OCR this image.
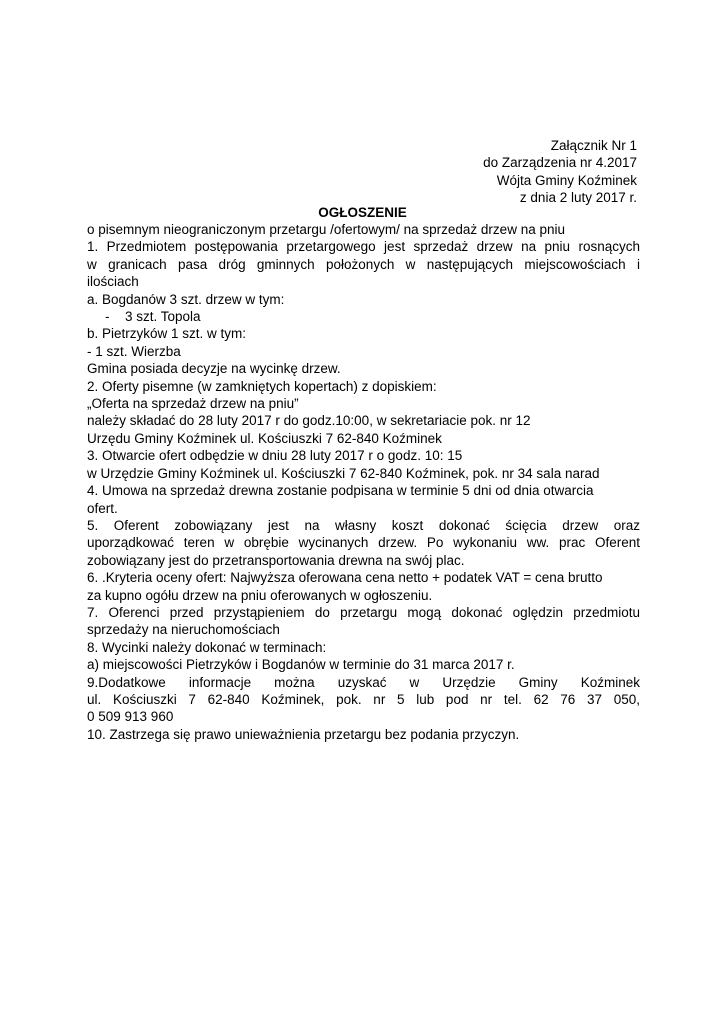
Załącznik Nr 1
do Zarządzenia nr 4.2017
Wójta Gminy Koźminek
z dnia 2 luty 2017 r.
OGŁOSZENIE
o pisemnym nieograniczonym przetargu /ofertowym/ na sprzedaż drzew na pniu
1. Przedmiotem postępowania przetargowego jest sprzedaż drzew na pniu rosnących
w granicach pasa dróg gminnych położonych w następujących miejscowościach i
ilościach
a. Bogdanów 3 szt. drzew w tym:
- 3 szt. Topola
b. Pietrzyków 1 szt. w tym:
- 1 szt. Wierzba
Gmina posiada decyzje na wycinkę drzew.
2. Oferty pisemne (w zamkniętych kopertach) z dopiskiem:
„Oferta na sprzedaż drzew na pniu”
należy składać do 28 luty 2017 r do godz.10:00, w sekretariacie pok. nr 12
Urzędu Gminy Koźminek ul. Kościuszki 7 62-840 Koźminek
3. Otwarcie ofert odbędzie w dniu 28 luty 2017 r o godz. 10: 15
w Urzędzie Gminy Koźminek ul. Kościuszki 7 62-840 Koźminek, pok. nr 34 sala narad
4. Umowa na sprzedaż drewna zostanie podpisana w terminie 5 dni od dnia otwarcia
ofert.
5. Oferent zobowiązany jest na własny koszt dokonać ścięcia drzew oraz
uporządkować teren w obrębie wycinanych drzew. Po wykonaniu ww. prac Oferent
zobowiązany jest do przetransportowania drewna na swój plac.
6. .Kryteria oceny ofert: Najwyższa oferowana cena netto + podatek VAT = cena brutto
za kupno ogółu drzew na pniu oferowanych w ogłoszeniu.
7. Oferenci przed przystąpieniem do przetargu mogą dokonać oględzin przedmiotu
sprzedaży na nieruchomościach
8. Wycinki należy dokonać w terminach:
a) miejscowości Pietrzyków i Bogdanów w terminie do 31 marca 2017 r.
9.Dodatkowe informacje można uzyskać w Urzędzie Gminy Koźminek
ul. Kościuszki 7 62-840 Koźminek, pok. nr 5 lub pod nr tel. 62 76 37 050,
0 509 913 960
10. Zastrzega się prawo unieważnienia przetargu bez podania przyczyn.
